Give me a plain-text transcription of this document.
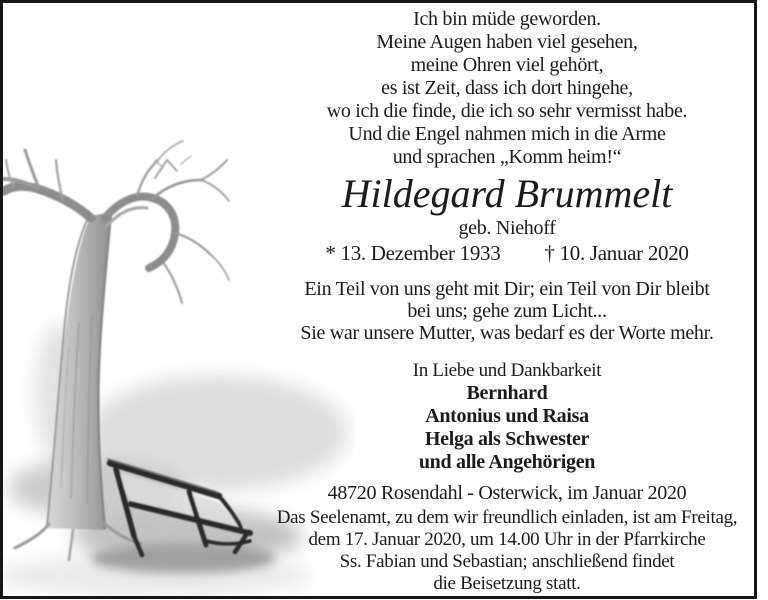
Ich bin müde geworden.
Meine Augen haben viel gesehen,
meine Ohren viel gehört,
es ist Zeit, dass ich dort hingehe,
wo ich die finde, die ich so sehr vermisst habe.
Und die Engel nahmen mich in die Arme
und sprachen „Komm heim!“
Hildegard Brummelt
geb. Niehoff
* 13. Dezember 1933 † 10. Januar 2020
Ein Teil von uns geht mit Dir; ein Teil von Dir bleibt
bei uns; gehe zum Licht...
Sie war unsere Mutter, was bedarf es der Worte mehr.
In Liebe und Dankbarkeit
Bernhard
Antonius und Raisa
Helga als Schwester
und alle Angehörigen
48720 Rosendahl - Osterwick, im Januar 2020
Das Seelenamt, zu dem wir freundlich einladen, ist am Freitag,
dem 17. Januar 2020, um 14.00 Uhr in der Pfarrkirche
Ss. Fabian und Sebastian; anschließend findet
die Beisetzung statt.
